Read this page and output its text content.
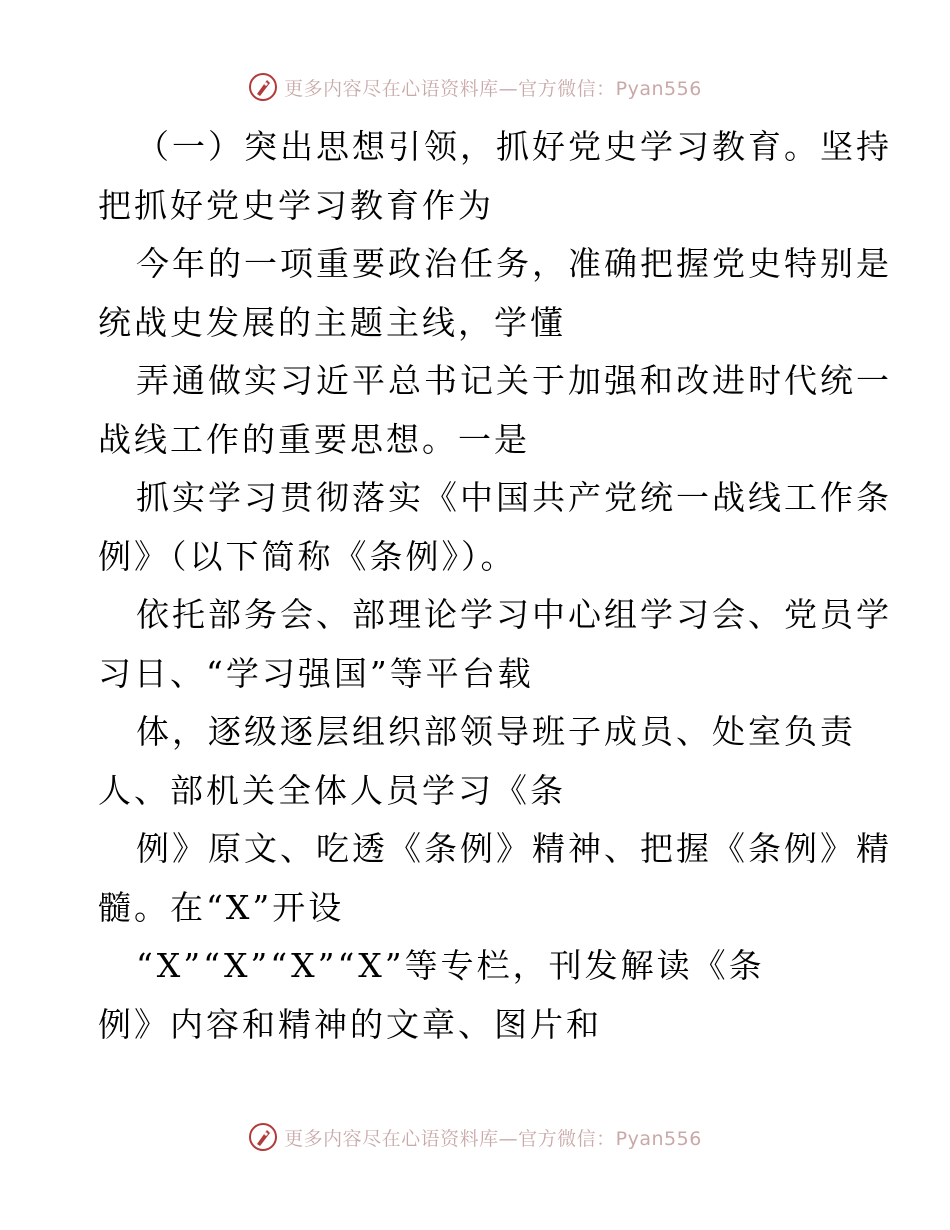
更多内容尽在心语资料库—官方微信：Pyan556

（一）突出思想引领，抓好党史学习教育。坚持
把抓好党史学习教育作为

今年的一项重要政治任务，准确把握党史特别是
统战史发展的主题主线，学懂

弄通做实习近平总书记关于加强和改进时代统一
战线工作的重要思想。一是

抓实学习贯彻落实《中国共产党统一战线工作条
例》（以下简称《条例》）。

依托部务会、部理论学习中心组学习会、党员学
习日、“学习强国”等平台载

体，逐级逐层组织部领导班子成员、处室负责
人、部机关全体人员学习《条

例》原文、吃透《条例》精神、把握《条例》精
髓。在“X”开设

“X”“X”“X”“X”等专栏，刊发解读《条
例》内容和精神的文章、图片和

更多内容尽在心语资料库—官方微信：Pyan556
